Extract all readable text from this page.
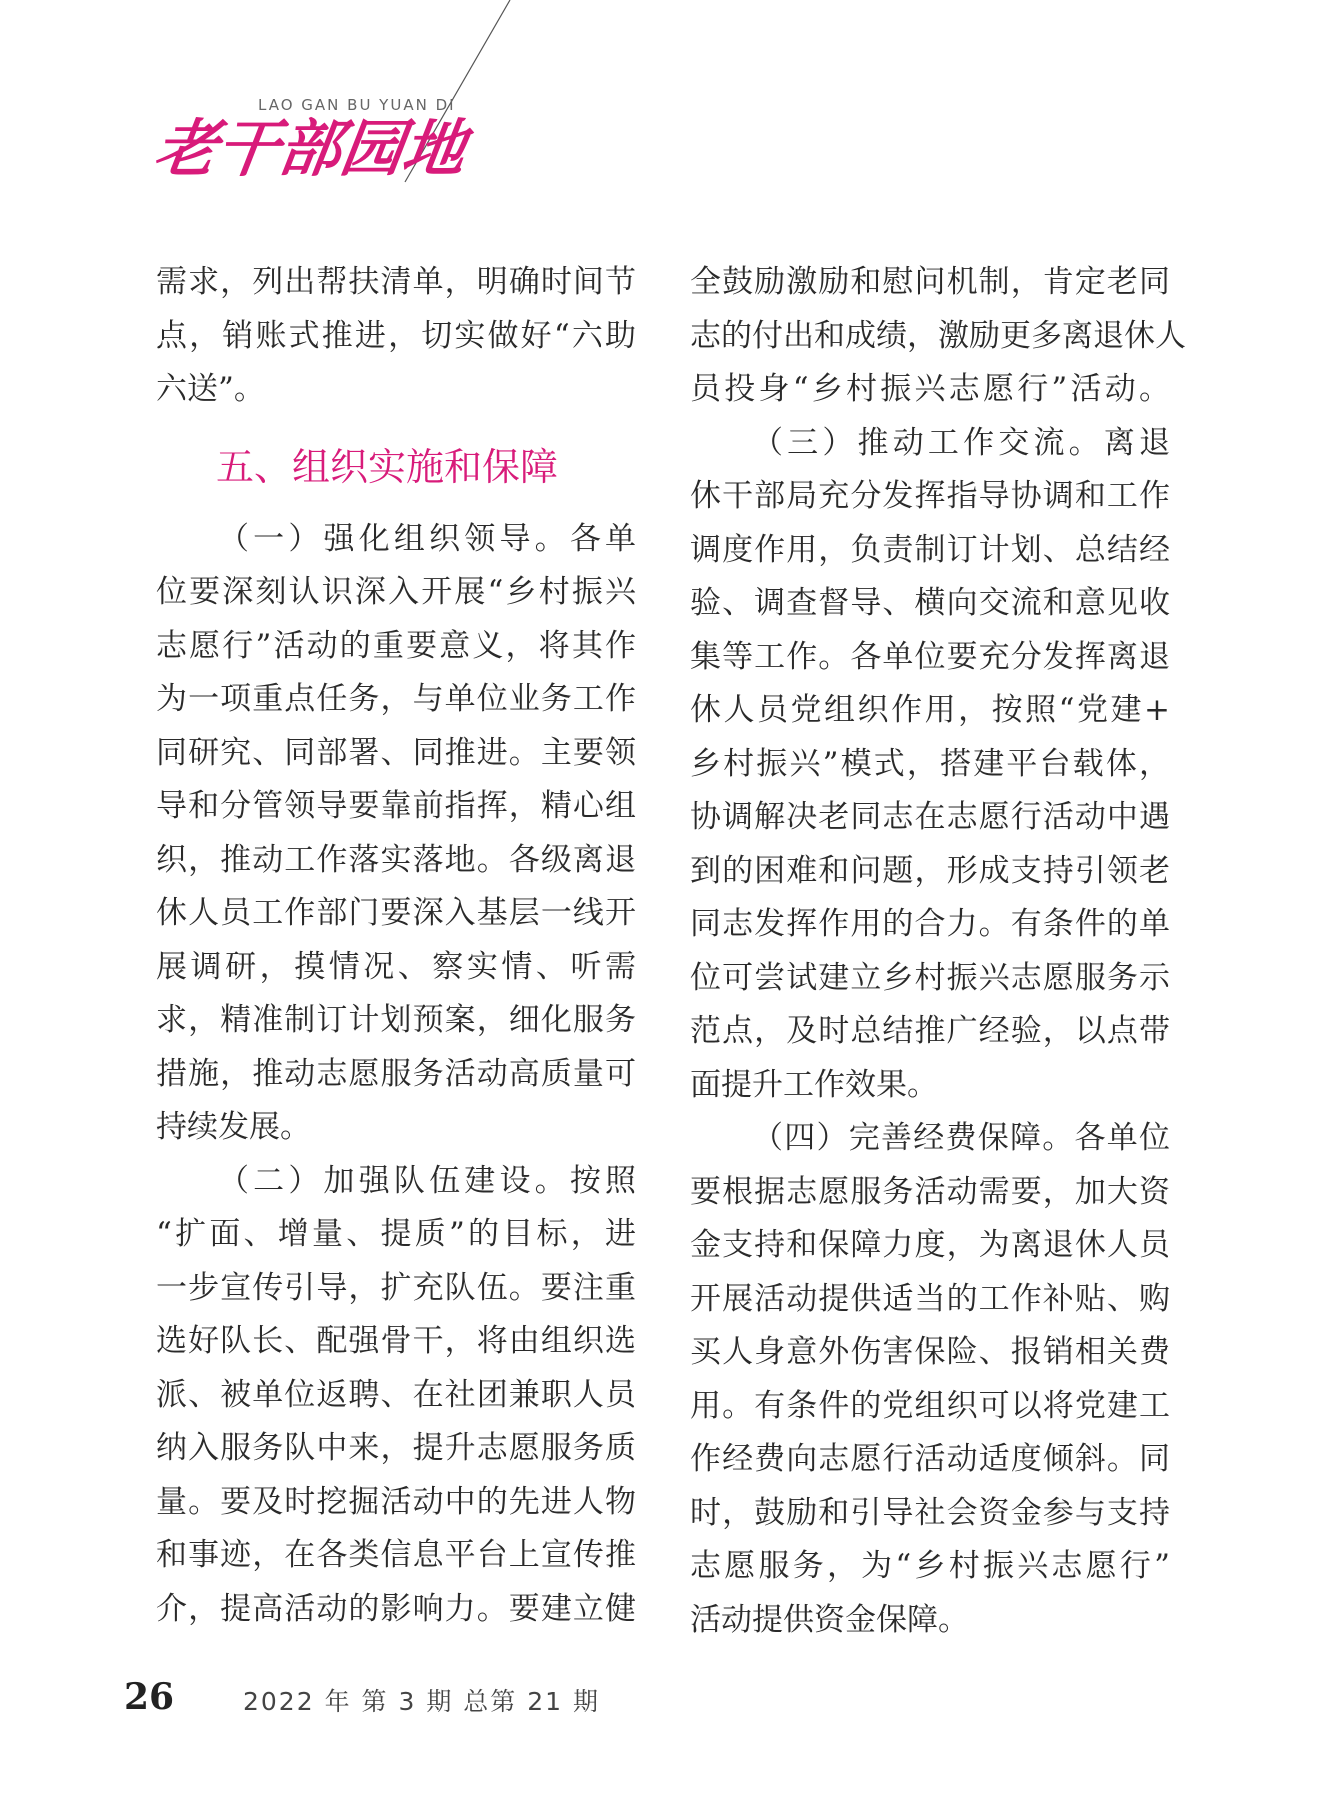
LAO GAN BU YUAN DI
老干部园地
需求，列出帮扶清单，明确时间节
点，销账式推进，切实做好“六助
六送”。
五、组织实施和保障
（一）强化组织领导。各单
位要深刻认识深入开展“乡村振兴
志愿行”活动的重要意义，将其作
为一项重点任务，与单位业务工作
同研究、同部署、同推进。主要领
导和分管领导要靠前指挥，精心组
织，推动工作落实落地。各级离退
休人员工作部门要深入基层一线开
展调研，摸情况、察实情、听需
求，精准制订计划预案，细化服务
措施，推动志愿服务活动高质量可
持续发展。
（二）加强队伍建设。按照
“扩面、增量、提质”的目标，进
一步宣传引导，扩充队伍。要注重
选好队长、配强骨干，将由组织选
派、被单位返聘、在社团兼职人员
纳入服务队中来，提升志愿服务质
量。要及时挖掘活动中的先进人物
和事迹，在各类信息平台上宣传推
介，提高活动的影响力。要建立健
全鼓励激励和慰问机制，肯定老同
志的付出和成绩，激励更多离退休人
员投身“乡村振兴志愿行”活动。
（三）推动工作交流。离退
休干部局充分发挥指导协调和工作
调度作用，负责制订计划、总结经
验、调查督导、横向交流和意见收
集等工作。各单位要充分发挥离退
休人员党组织作用，按照“党建+
乡村振兴”模式，搭建平台载体，
协调解决老同志在志愿行活动中遇
到的困难和问题，形成支持引领老
同志发挥作用的合力。有条件的单
位可尝试建立乡村振兴志愿服务示
范点，及时总结推广经验，以点带
面提升工作效果。
（四）完善经费保障。各单位
要根据志愿服务活动需要，加大资
金支持和保障力度，为离退休人员
开展活动提供适当的工作补贴、购
买人身意外伤害保险、报销相关费
用。有条件的党组织可以将党建工
作经费向志愿行活动适度倾斜。同
时，鼓励和引导社会资金参与支持
志愿服务，为“乡村振兴志愿行”
活动提供资金保障。
26	2022 年 第 3 期 总第 21 期
